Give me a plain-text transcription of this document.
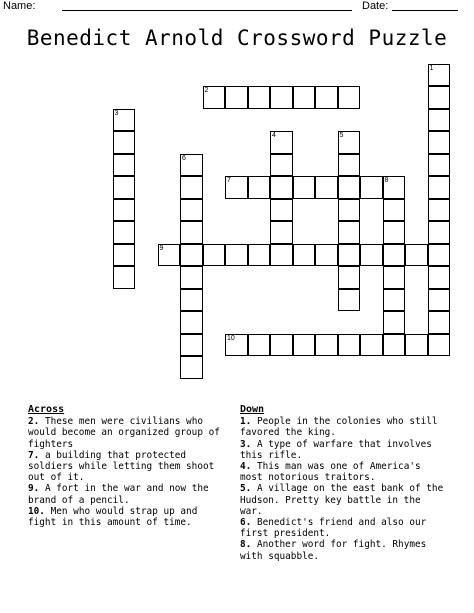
Name:	Date:
Benedict Arnold Crossword Puzzle
1
2
3
4	5
6
7	8
9
10
Across
2. These men were civilians who would become an organized group of fighters
7. a building that protected soldiers while letting them shoot out of it.
9. A fort in the war and now the brand of a pencil.
10. Men who would strap up and fight in this amount of time.
Down
1. People in the colonies who still favored the king.
3. A type of warfare that involves this rifle.
4. This man was one of America's most notorious traitors.
5. A village on the east bank of the Hudson. Pretty key battle in the war.
6. Benedict's friend and also our first president.
8. Another word for fight. Rhymes with squabble.
